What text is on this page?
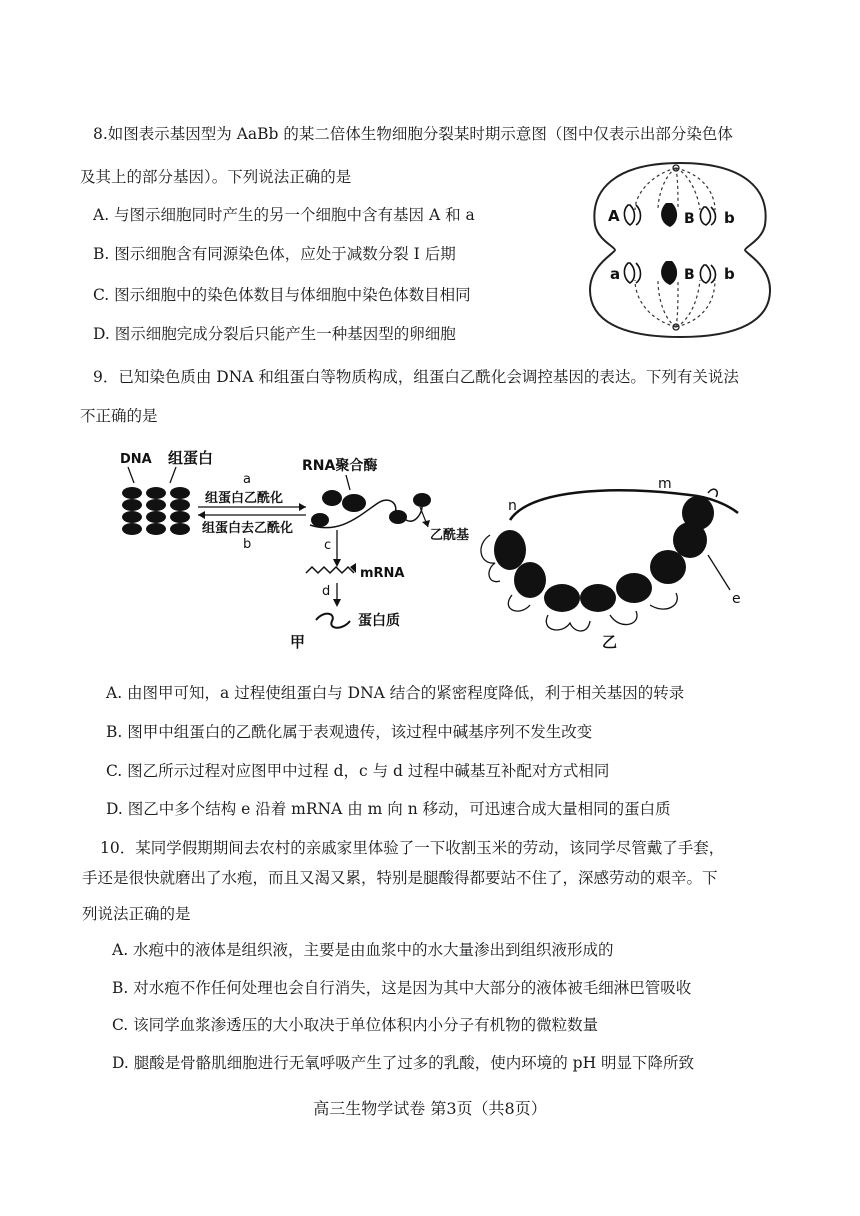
8.如图表示基因型为 AaBb 的某二倍体生物细胞分裂某时期示意图（图中仅表示出部分染色体
及其上的部分基因）。下列说法正确的是
A. 与图示细胞同时产生的另一个细胞中含有基因 A 和 a
B. 图示细胞含有同源染色体，应处于减数分裂 Ⅰ 后期
C. 图示细胞中的染色体数目与体细胞中染色体数目相同
D. 图示细胞完成分裂后只能产生一种基因型的卵细胞
A	B b
a	B b
9．已知染色质由 DNA 和组蛋白等物质构成，组蛋白乙酰化会调控基因的表达。下列有关说法
不正确的是
DNA 组蛋白
a
组蛋白乙酰化
组蛋白去乙酰化
b
RNA聚合酶
乙酰基
c
mRNA
d
蛋白质
甲
n
m
e
乙
A. 由图甲可知，a 过程使组蛋白与 DNA 结合的紧密程度降低，利于相关基因的转录
B. 图甲中组蛋白的乙酰化属于表观遗传，该过程中碱基序列不发生改变
C. 图乙所示过程对应图甲中过程 d，c 与 d 过程中碱基互补配对方式相同
D. 图乙中多个结构 e 沿着 mRNA 由 m 向 n 移动，可迅速合成大量相同的蛋白质
10．某同学假期期间去农村的亲戚家里体验了一下收割玉米的劳动，该同学尽管戴了手套，
手还是很快就磨出了水疱，而且又渴又累，特别是腿酸得都要站不住了，深感劳动的艰辛。下
列说法正确的是
A. 水疱中的液体是组织液，主要是由血浆中的水大量渗出到组织液形成的
B. 对水疱不作任何处理也会自行消失，这是因为其中大部分的液体被毛细淋巴管吸收
C. 该同学血浆渗透压的大小取决于单位体积内小分子有机物的微粒数量
D. 腿酸是骨骼肌细胞进行无氧呼吸产生了过多的乳酸，使内环境的 pH 明显下降所致
高三生物学试卷 第3页（共8页）
